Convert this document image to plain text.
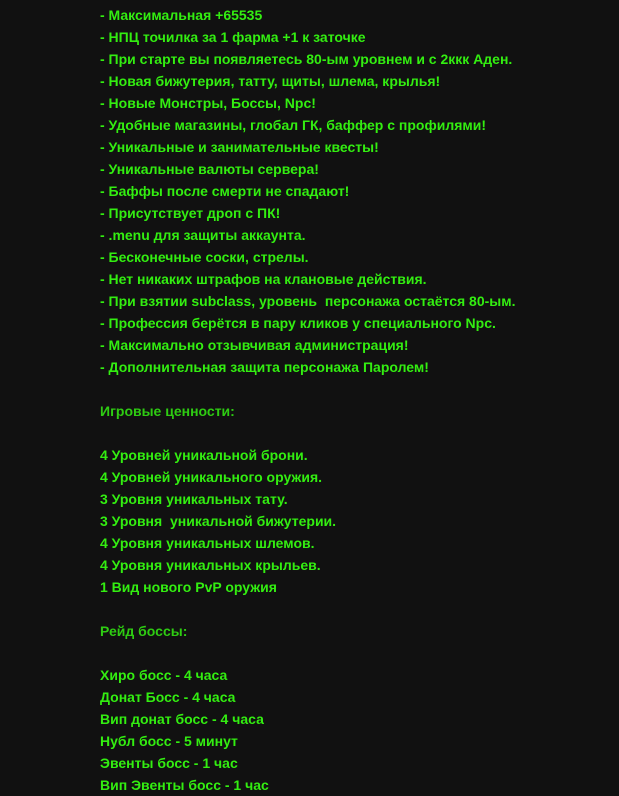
- Максимальная +65535
- НПЦ точилка за 1 фарма +1 к заточке
- При старте вы появляетесь 80-ым уровнем и с 2ккк Аден.
- Новая бижутерия, татту, щиты, шлема, крылья!
- Новые Монстры, Боссы, Npc!
- Удобные магазины, глобал ГК, баффер с профилями!
- Уникальные и занимательные квесты!
- Уникальные валюты сервера!
- Баффы после смерти не спадают!
- Присутствует дроп с ПК!
- .menu для защиты аккаунта.
- Бесконечные соски, стрелы.
- Нет никаких штрафов на клановые действия.
- При взятии subclass, уровень  персонажа остаётся 80-ым.
- Профессия берётся в пару кликов у специального Npc.
- Максимально отзывчивая администрация!
- Дополнительная защита персонажа Паролем!
Игровые ценности:
4 Уровней уникальной брони.
4 Уровней уникального оружия.
3 Уровня уникальных тату.
3 Уровня  уникальной бижутерии.
4 Уровня уникальных шлемов.
4 Уровня уникальных крыльев.
1 Вид нового PvP оружия
Рейд боссы:
Хиро босс - 4 часа
Донат Босс - 4 часа
Вип донат босс - 4 часа
Нубл босс - 5 минут
Эвенты босс - 1 час
Вип Эвенты босс - 1 час
